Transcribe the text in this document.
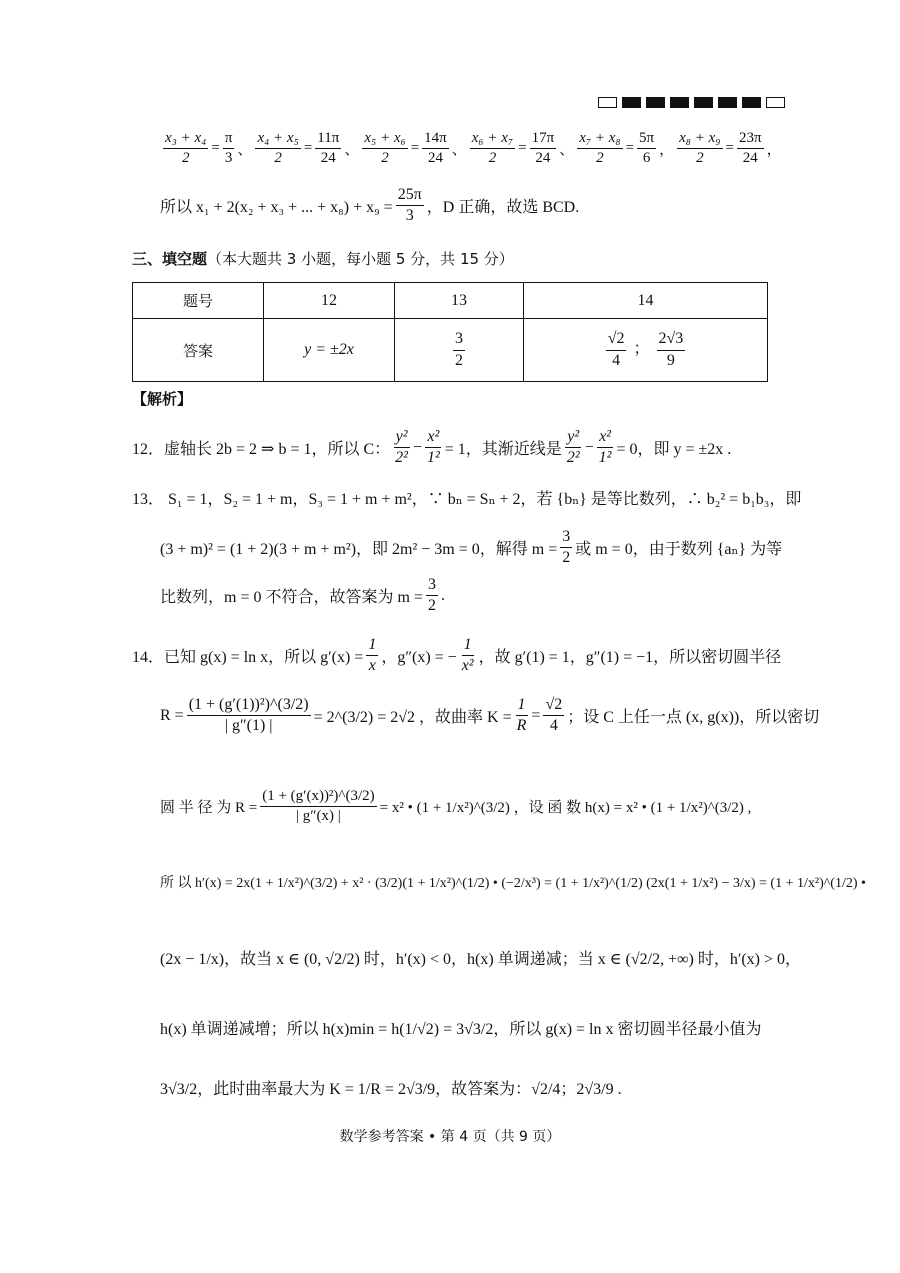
$\frac{\text{x₃ + x₄}}{2} = \frac{\pi}{3}$ 、 $\frac{\text{x₄ + x₅}}{2} = \frac{11\pi}{24}$ 、 $\frac{\text{x₅ + x₆}}{2} = \frac{14\pi}{24}$ 、 $\frac{\text{x₆ + x₇}}{2} = \frac{17\pi}{24}$ 、 $\frac{\text{x₇ + x₈}}{2} = \frac{5\pi}{6}$ ， $\frac{\text{x₈ + x₉}}{2} = \frac{23\pi}{24}$ ，
所以 x₁ + 2(x₂ + x₃ + ... + $x_8) + x_9 = \frac{25\pi}{3}$ ，D 正确，故选 BCD.
三、填空题 （本大题共 3 小题，每小题 5 分，共 15 分）
题号	12	13	14
答案	y = ±2x	$\frac{3}{2}$	$\frac{√2}{4}$ ； $\frac{2√3}{9}$
【解析】
12． 虚轴长 2b = 2 ⇒ b = 1，所以 C： $\frac{\text{y²}}{\text{2²}} - \frac{\text{x²}}{\text{1²}} = 1$，其渐近线是 $\frac{\text{y²}}{\text{2²}} - \frac{\text{x²}}{\text{1²}} = 0$，即 y = ±2x .
13．
S₁ = 1，S₂ = 1 + m，S₃ = 1 + m + m²，∵ bₙ = Sₙ + 2，若 {bₙ} 是等比数列，∴ b₂² = b₁b₃，即
(3 + m)² = (1 + 2)(3 + m + m²)，即 2m² − 3m = 0，解得 $m = \frac{3}{2}$ 或 m = 0，由于数列 {aₙ} 为等
比数列，m = 0 不符合，故答案为 $m = \frac{3}{2}$ .
14． 已知 g(x) = ln x，所以 $g'(x) = \frac{1}{x}$ ，g″(x) = − $\frac{1}{\text{x²}}$ ，故 g′(1) = 1，g″(1) = −1，所以密切圆半径
$R = \frac{\text{(1 + (g′(1))²)\textasciicircum{}(3/2)}}{| g''(1) |}$ = 2^(3/2) = 2√2 ，故曲率 $K = \frac{1}{R} = \frac{√2}{4}$ ；设 C 上任一点 (x, g(x))，所以密切
圆 半 径 为 $R = \frac{\text{(1 + (g′(x))²)\textasciicircum{}(3/2)}}{| g''(x) |} = x^2$ • (1 + 1/x²)^(3/2) ，设 函 数 h(x) = x² • (1 + 1/x²)^(3/2) ,
所 以 h′(x) = 2x(1 + 1/x²)^(3/2) + x² · (3/2)(1 + 1/x²)^(1/2) • (−2/x³) = (1 + 1/x²)^(1/2) (2x(1 + 1/x²) − 3/x) = (1 + 1/x²)^(1/2) •
(2x − 1/x)，故当 x ∈ (0, √2/2) 时，h′(x) < 0，h(x) 单调递减；当 x ∈ (√2/2, +∞) 时，h′(x) > 0，
h(x) 单调递减增；所以 h(x)min = h(1/√2) = 3√3/2，所以 g(x) = ln x 密切圆半径最小值为
3√3/2，此时曲率最大为 K = 1/R = 2√3/9，故答案为：√2/4；2√3/9 .
数学参考答案 • 第 4 页（共 9 页）
